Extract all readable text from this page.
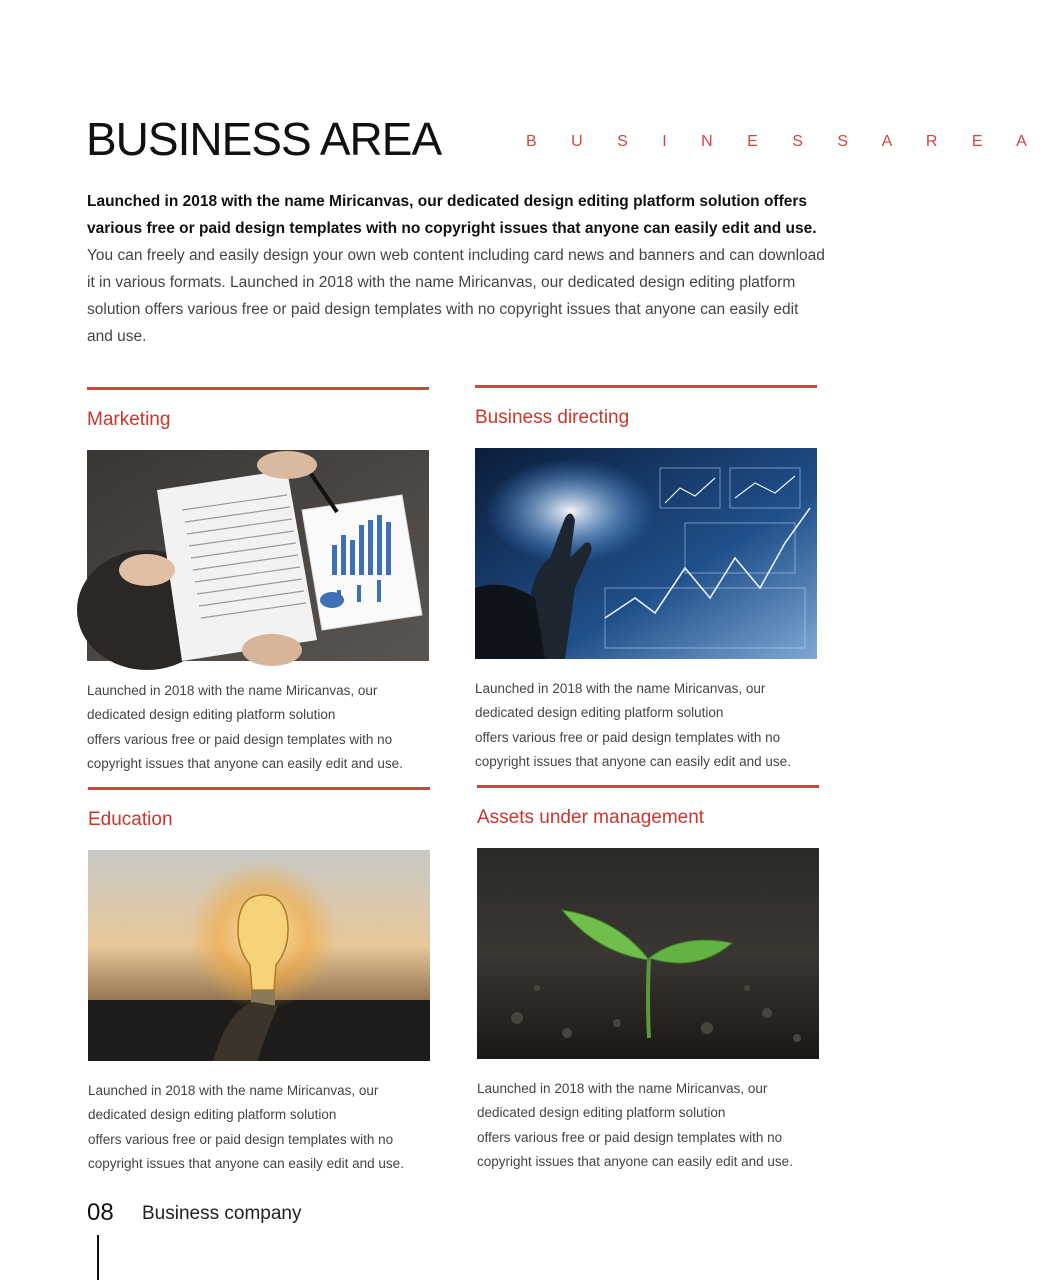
BUSINESS AREA	B U S I N E S S A R E A

Launched in 2018 with the name Miricanvas, our dedicated design editing platform solution offers various free or paid design templates with no copyright issues that anyone can easily edit and use. You can freely and easily design your own web content including card news and banners and can download it in various formats. Launched in 2018 with the name Miricanvas, our dedicated design editing platform solution offers various free or paid design templates with no copyright issues that anyone can easily edit and use.

Marketing

Launched in 2018 with the name Miricanvas, our
dedicated design editing platform solution
offers various free or paid design templates with no
copyright issues that anyone can easily edit and use.

Business directing

Launched in 2018 with the name Miricanvas, our
dedicated design editing platform solution
offers various free or paid design templates with no
copyright issues that anyone can easily edit and use.

Education

Launched in 2018 with the name Miricanvas, our
dedicated design editing platform solution
offers various free or paid design templates with no
copyright issues that anyone can easily edit and use.

Assets under management

Launched in 2018 with the name Miricanvas, our
dedicated design editing platform solution
offers various free or paid design templates with no
copyright issues that anyone can easily edit and use.

08 Business company
